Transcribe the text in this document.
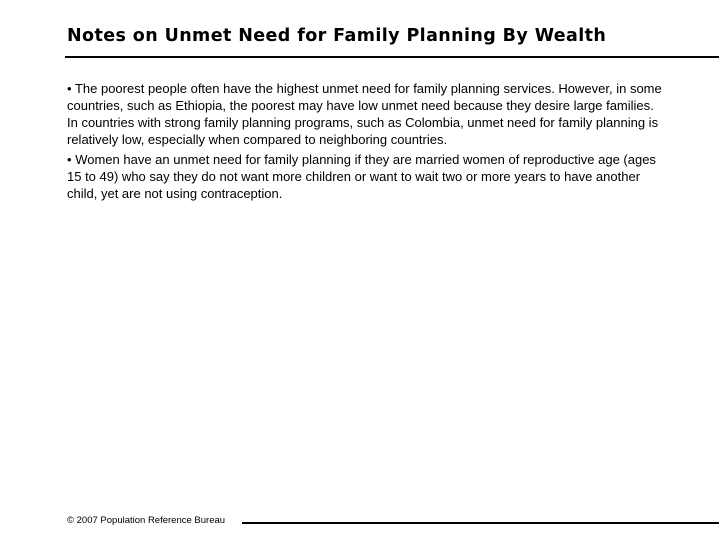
Notes on Unmet Need for Family Planning By Wealth
• The poorest people often have the highest unmet need for family planning services. However, in some countries, such as Ethiopia, the poorest may have low unmet need because they desire large families. In countries with strong family planning programs, such as Colombia, unmet need for family planning is relatively low, especially when compared to neighboring countries.
• Women have an unmet need for family planning if they are married women of reproductive age (ages 15 to 49) who say they do not want more children or want to wait two or more years to have another child, yet are not using contraception.
© 2007 Population Reference Bureau
